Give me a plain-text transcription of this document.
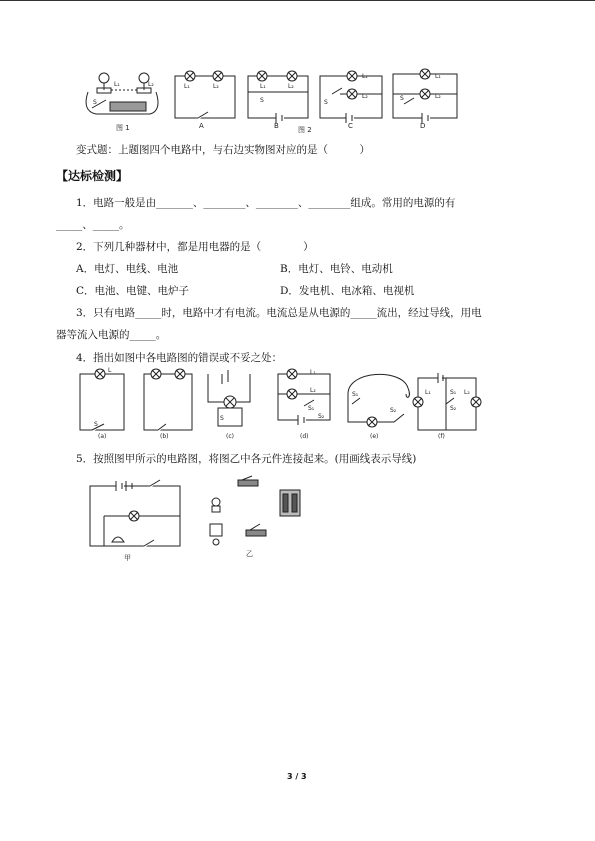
S
L₁	L₂	L₁	L₂	L₁
S
L₂
S
L₁
L₂	S
L₁
L₂
图 1	A	B	图 2	C	D
变式题：上题图四个电路中，与右边实物图对应的是（　　　）
【达标检测】
1．电路一般是由_______、________、________、________组成。常用的电源的有
_____、_____。
2．下列几种器材中，都是用电器的是（　　　　）
A．电灯、电线、电池	B．电灯、电铃、电动机
C．电池、电键、电炉子	D．发电机、电冰箱、电视机
3．只有电路_____时，电路中才有电流。电流总是从电源的_____流出，经过导线，用电
器等流入电源的_____。
4．指出如图中各电路图的错误或不妥之处：
L
S
S
L₁
L₂
S₁
S₂
S₁
S₂
L₁	S₁ L₂
S₂
(a)	(b)	(c)	(d)	(e)	(f)
5．按照图甲所示的电路图，将图乙中各元件连接起来。(用画线表示导线)
甲	乙
3 / 3
